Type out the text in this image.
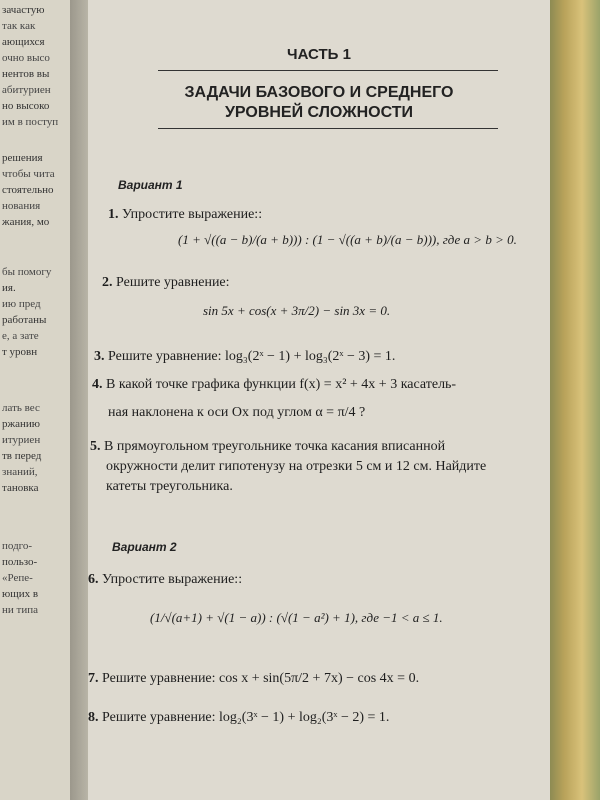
зачастую
так как
ающихся
очно высо
нентов вы
абитуриен
но высоко
им в поступ
решения
чтобы чита
стоятельно
нования
жания, мо
бы помогу
ия.
ию пред
работаны
е, а зате
т уровн
лать вес
ржанию
итуриен
тв перед
знаний,
тановка
подго-
пользо-
«Репе-
ющих в
ни типа
ЧАСТЬ 1
ЗАДАЧИ БАЗОВОГО И СРЕДНЕГО
УРОВНЕЙ СЛОЖНОСТИ
Вариант 1
1. Упростите выражение::
(1 + √((a − b)/(a + b))) : (1 − √((a + b)/(a − b))), где a > b > 0.
2. Решите уравнение:
sin 5x + cos(x + 3π/2) − sin 3x = 0.
3. Решите уравнение: log₃(2ˣ − 1) + log₃(2ˣ − 3) = 1.
4. В какой точке графика функции f(x) = x² + 4x + 3 касатель-
ная наклонена к оси Ox под углом α = π/4 ?
5. В прямоугольном треугольнике точка касания вписанной
окружности делит гипотенузу на отрезки 5 см и 12 см. Найдите
катеты треугольника.
Вариант 2
6. Упростите выражение::
(1/√(a+1) + √(1 − a)) : (√(1 − a²) + 1), где −1 < a ≤ 1.
7. Решите уравнение: cos x + sin(5π/2 + 7x) − cos 4x = 0.
8. Решите уравнение: log₂(3ˣ − 1) + log₂(3ˣ − 2) = 1.
